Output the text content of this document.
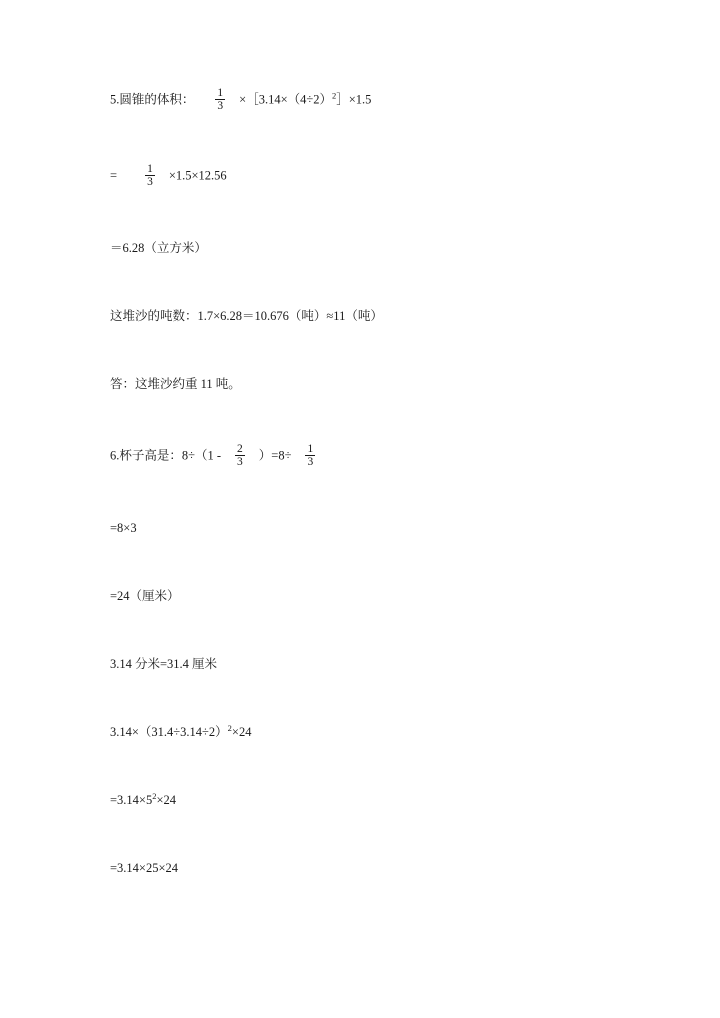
5.圆锥的体积： $\frac{1}{3}$ $\times[3.14\times(4\div 2)^2]\times 1.5$
= $\frac{1}{3} \times 1.5\times 12.56$
＝6.28（立方米）
这堆沙的吨数：1.7×6.28＝10.676（吨）≈11（吨）
答：这堆沙约重 11 吨。
6.杯子高是：$8\div(1 - \frac{2}{3} )=8\div \frac{1}{3}$
=8×3
=24（厘米）
3.14 分米=31.4 厘米
$3.14\times(31.4\div 3.14\div 2)^2\times 24$
$=3.14\times 5^2\times 24$
=3.14×25×24
